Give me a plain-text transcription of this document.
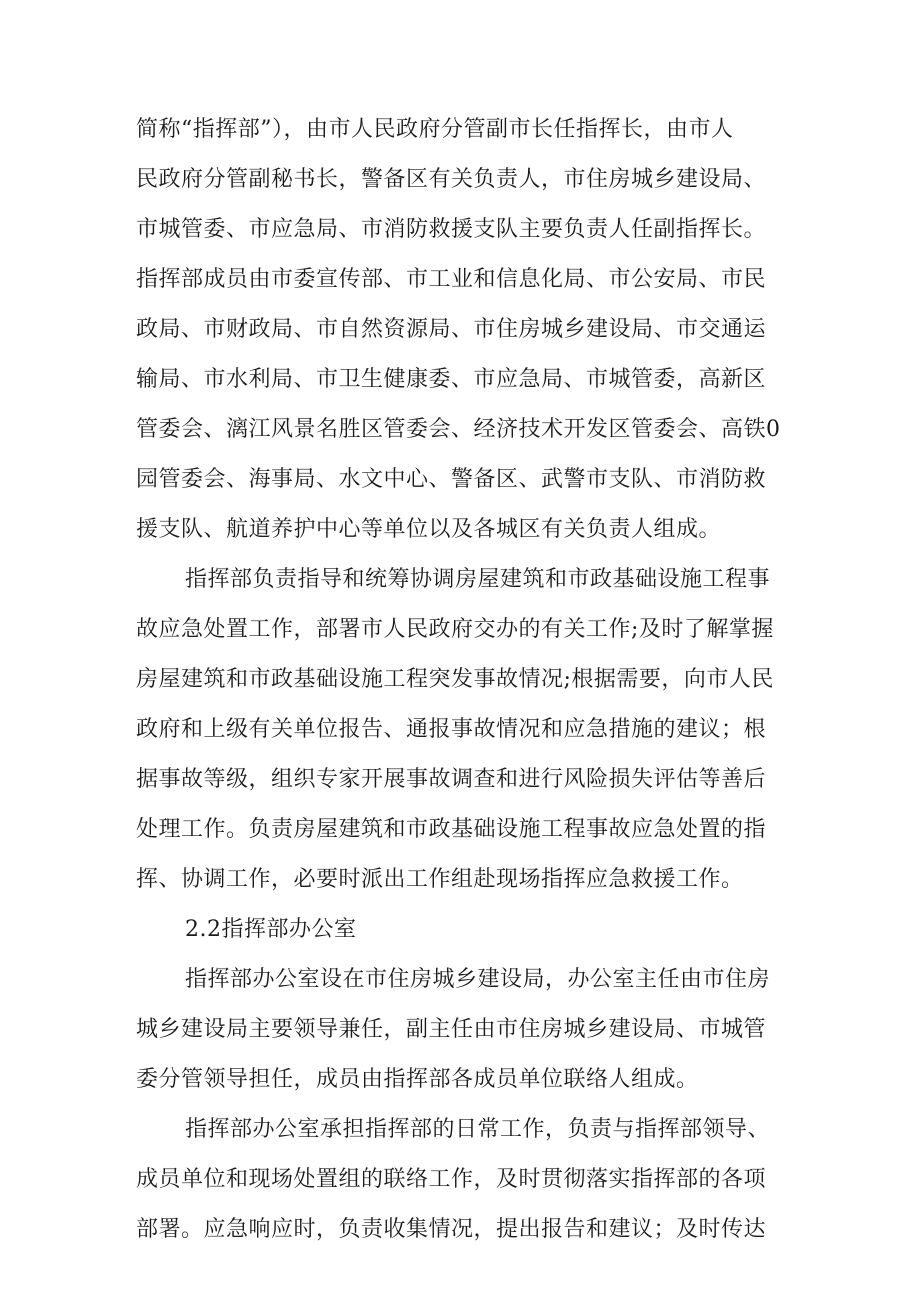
简称“指挥部”），由市人民政府分管副市长任指挥长，由市人
民政府分管副秘书长，警备区有关负责人，市住房城乡建设局、
市城管委、市应急局、市消防救援支队主要负责人任副指挥长。
指挥部成员由市委宣传部、市工业和信息化局、市公安局、市民
政局、市财政局、市自然资源局、市住房城乡建设局、市交通运
输局、市水利局、市卫生健康委、市应急局、市城管委，高新区
管委会、漓江风景名胜区管委会、经济技术开发区管委会、高铁0
园管委会、海事局、水文中心、警备区、武警市支队、市消防救
援支队、航道养护中心等单位以及各城区有关负责人组成。
指挥部负责指导和统筹协调房屋建筑和市政基础设施工程事
故应急处置工作，部署市人民政府交办的有关工作;及时了解掌握
房屋建筑和市政基础设施工程突发事故情况;根据需要，向市人民
政府和上级有关单位报告、通报事故情况和应急措施的建议；根
据事故等级，组织专家开展事故调查和进行风险损失评估等善后
处理工作。负责房屋建筑和市政基础设施工程事故应急处置的指
挥、协调工作，必要时派出工作组赴现场指挥应急救援工作。
2.2指挥部办公室
指挥部办公室设在市住房城乡建设局，办公室主任由市住房
城乡建设局主要领导兼任，副主任由市住房城乡建设局、市城管
委分管领导担任，成员由指挥部各成员单位联络人组成。
指挥部办公室承担指挥部的日常工作，负责与指挥部领导、
成员单位和现场处置组的联络工作，及时贯彻落实指挥部的各项
部署。应急响应时，负责收集情况，提出报告和建议；及时传达
